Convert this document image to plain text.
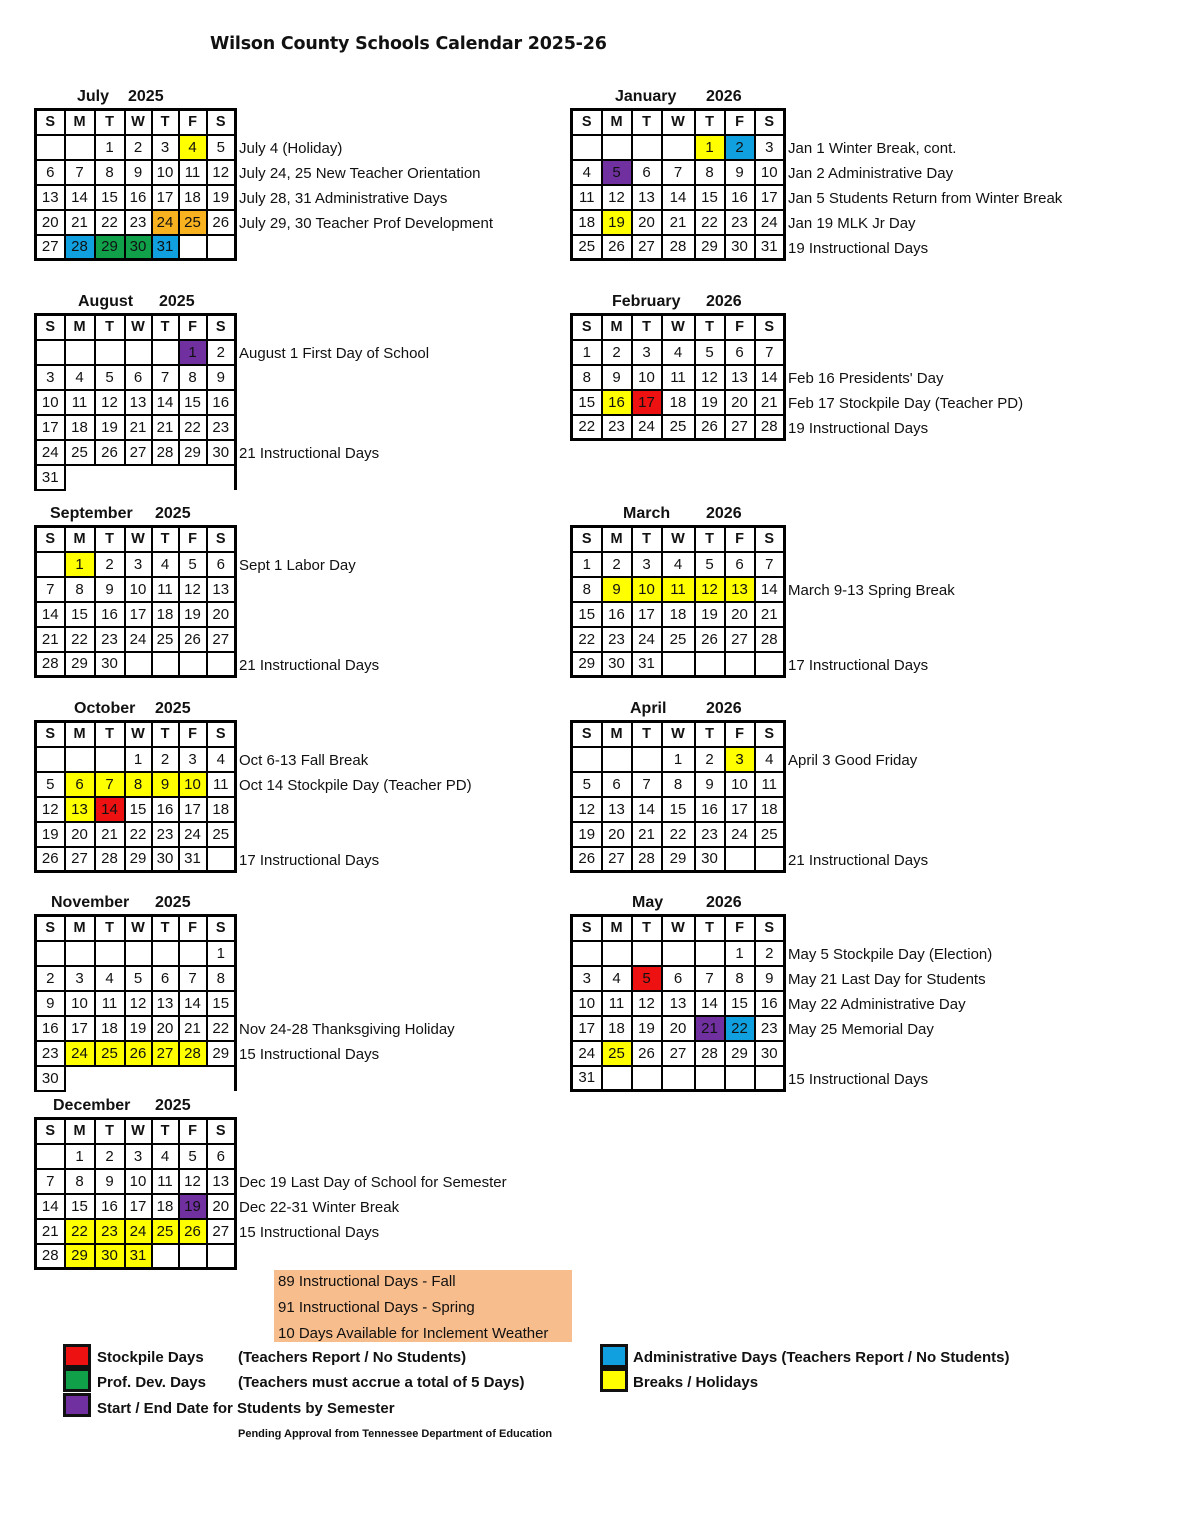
Wilson County Schools Calendar 2025-26
July 2025
S	M	T	W	T	F	S
		1	2	3	4	5
6	7	8	9	10	11	12
13	14	15	16	17	18	19
20	21	22	23	24	25	26
27	28	29	30	31		
July 4 (Holiday)
July 24, 25 New Teacher Orientation
July 28, 31 Administrative Days
July 29, 30 Teacher Prof Development
August 2025
S	M	T	W	T	F	S
					1	2
3	4	5	6	7	8	9
10	11	12	13	14	15	16
17	18	19	21	21	22	23
24	25	26	27	28	29	30
31						
August 1 First Day of School
21 Instructional Days
September 2025
S	M	T	W	T	F	S
	1	2	3	4	5	6
7	8	9	10	11	12	13
14	15	16	17	18	19	20
21	22	23	24	25	26	27
28	29	30				
Sept 1 Labor Day
21 Instructional Days
October 2025
S	M	T	W	T	F	S
			1	2	3	4
5	6	7	8	9	10	11
12	13	14	15	16	17	18
19	20	21	22	23	24	25
26	27	28	29	30	31	
Oct 6-13 Fall Break
Oct 14 Stockpile Day (Teacher PD)
17 Instructional Days
November 2025
S	M	T	W	T	F	S
						1
2	3	4	5	6	7	8
9	10	11	12	13	14	15
16	17	18	19	20	21	22
23	24	25	26	27	28	29
30						
Nov 24-28 Thanksgiving Holiday
15 Instructional Days
December 2025
S	M	T	W	T	F	S
	1	2	3	4	5	6
7	8	9	10	11	12	13
14	15	16	17	18	19	20
21	22	23	24	25	26	27
28	29	30	31			
Dec 19 Last Day of School for Semester
Dec 22-31 Winter Break
15 Instructional Days
January 2026
S	M	T	W	T	F	S
				1	2	3
4	5	6	7	8	9	10
11	12	13	14	15	16	17
18	19	20	21	22	23	24
25	26	27	28	29	30	31
Jan 1 Winter Break, cont.
Jan 2 Administrative Day
Jan 5 Students Return from Winter Break
Jan 19 MLK Jr Day
19 Instructional Days
February 2026
S	M	T	W	T	F	S
1	2	3	4	5	6	7
8	9	10	11	12	13	14
15	16	17	18	19	20	21
22	23	24	25	26	27	28
Feb 16 Presidents' Day
Feb 17 Stockpile Day (Teacher PD)
19 Instructional Days
March 2026
S	M	T	W	T	F	S
1	2	3	4	5	6	7
8	9	10	11	12	13	14
15	16	17	18	19	20	21
22	23	24	25	26	27	28
29	30	31				
March 9-13 Spring Break
17 Instructional Days
April 2026
S	M	T	W	T	F	S
			1	2	3	4
5	6	7	8	9	10	11
12	13	14	15	16	17	18
19	20	21	22	23	24	25
26	27	28	29	30		
April 3 Good Friday
21 Instructional Days
May	2026
S	M	T	W	T	F	S
					1	2
3	4	5	6	7	8	9
10	11	12	13	14	15	16
17	18	19	20	21	22	23
24	25	26	27	28	29	30
31						
May 5 Stockpile Day (Election)
May 21 Last Day for Students
May 22 Administrative Day
May 25 Memorial Day
15 Instructional Days
89 Instructional Days - Fall
91 Instructional Days - Spring
10 Days Available for Inclement Weather
Stockpile Days (Teachers Report / No Students)
Prof. Dev. Days (Teachers must accrue a total of 5 Days)
Start / End Date for Students by Semester
Administrative Days (Teachers Report / No Students)
Breaks / Holidays
Pending Approval from Tennessee Department of Education
